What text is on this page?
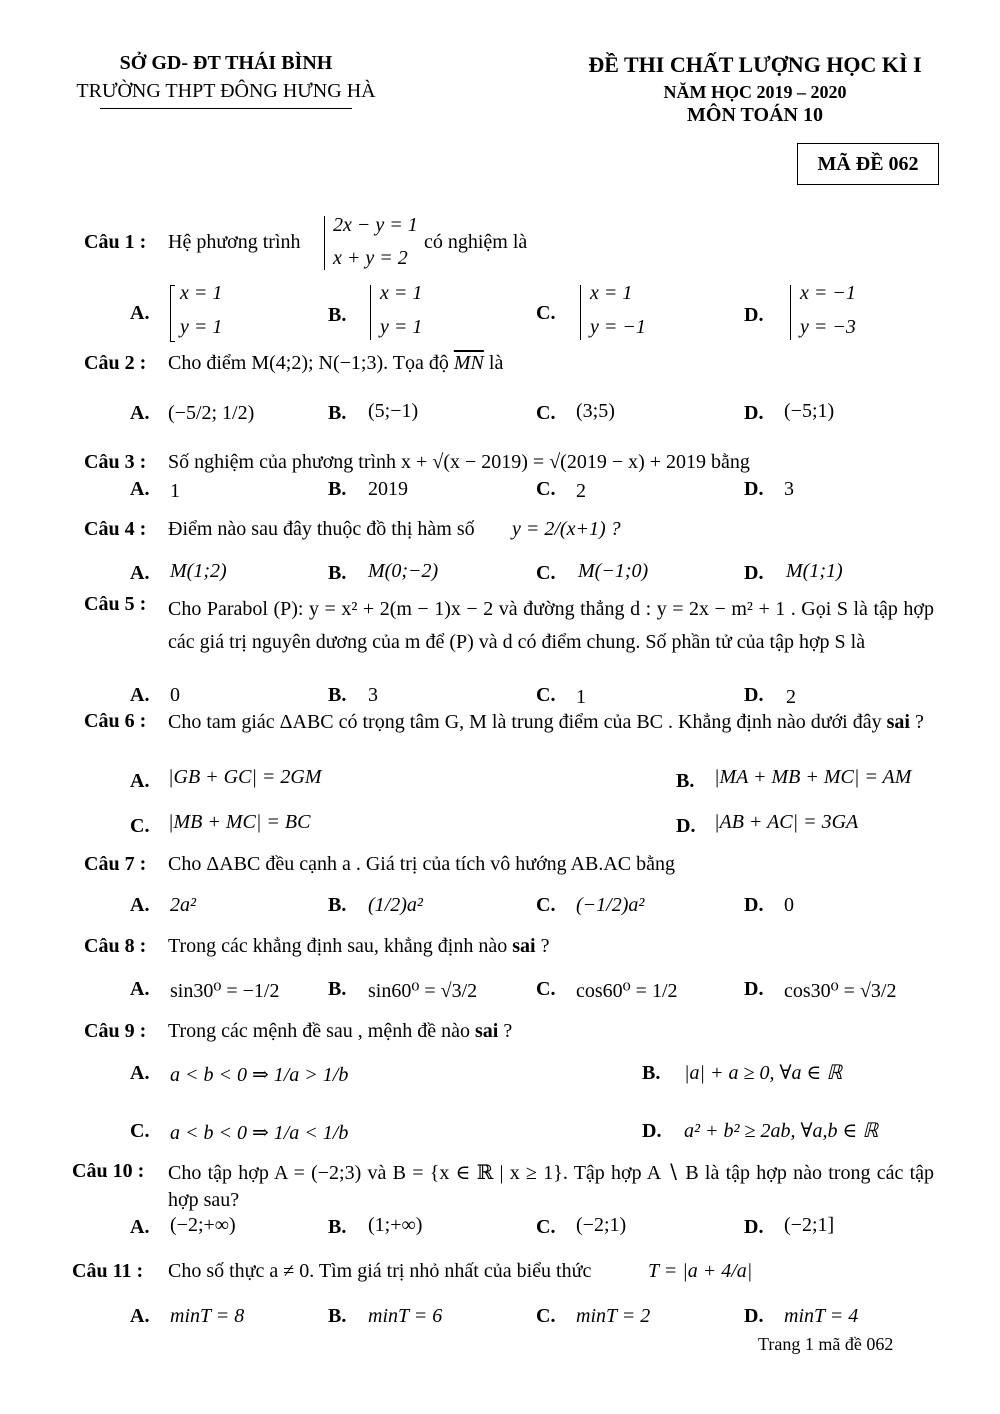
SỞ GD- ĐT THÁI BÌNH
TRƯỜNG THPT ĐÔNG HƯNG HÀ
ĐỀ THI CHẤT LƯỢNG HỌC KÌ I
NĂM HỌC 2019 – 2020
MÔN TOÁN 10
MÃ ĐỀ 062
Câu 1 : Hệ phương trình
2x − y = 1
x + y = 2
có nghiệm là
A.
x = 1
y = 1
B.
x = 1
y = 1
C.
x = 1
y = −1
D.
x = −1
y = −3
Câu 2 : Cho điểm M(4;2); N(−1;3). Tọa độ $\overline{MN}$ là
A. (−5/2; 1/2)	B. (5;−1)	C. (3;5)	D. (−5;1)
Câu 3 : Số nghiệm của phương trình x + √(x − 2019) = √(2019 − x) + 2019 bằng
A. 1	B. 2019	C. 2	D. 3
Câu 4 : Điểm nào sau đây thuộc đồ thị hàm số y = 2/(x+1) ?
A. M(1;2)	B. M(0;−2)	C. M(−1;0)	D. M(1;1)
Câu 5 : Cho Parabol (P): y = x² + 2(m − 1)x − 2 và đường thẳng d : y = 2x − m² + 1 . Gọi S là tập hợp các giá trị nguyên dương của m để (P) và d có điểm chung. Số phần tử của tập hợp S là
A. 0	B. 3	C. 1	D. 2
Câu 6 : Cho tam giác ΔABC có trọng tâm G, M là trung điểm của BC . Khẳng định nào dưới đây sai ?
A. |GB + GC| = 2GM	B. |MA + MB + MC| = AM
C. |MB + MC| = BC	D. |AB + AC| = 3GA
Câu 7 : Cho ΔABC đều cạnh a . Giá trị của tích vô hướng AB.AC bằng
A. 2a²	B. (1/2)a²	C. (−1/2)a²	D. 0
Câu 8 : Trong các khẳng định sau, khẳng định nào sai ?
A. sin30⁰ = −1/2 B. sin60⁰ = √3/2	C. cos60⁰ = 1/2	D. cos30⁰ = √3/2
Câu 9 : Trong các mệnh đề sau , mệnh đề nào sai ?
A. a < b < 0 ⇒ 1/a > 1/b	B. |a| + a ≥ 0, ∀a ∈ ℝ
C. a < b < 0 ⇒ 1/a < 1/b	D. a² + b² ≥ 2ab, ∀a,b ∈ ℝ
Câu 10 : Cho tập hợp A = (−2;3) và B = {x ∈ ℝ | x ≥ 1}. Tập hợp A ∖ B là tập hợp nào trong các tập hợp sau?
A. (−2;+∞)	B. (1;+∞)	C. (−2;1)	D. (−2;1]
Câu 11 : Cho số thực a ≠ 0. Tìm giá trị nhỏ nhất của biểu thức	T = |a + 4/a|
A. minT = 8	B. minT = 6	C. minT = 2	D. minT = 4
Trang 1 mã đề 062
